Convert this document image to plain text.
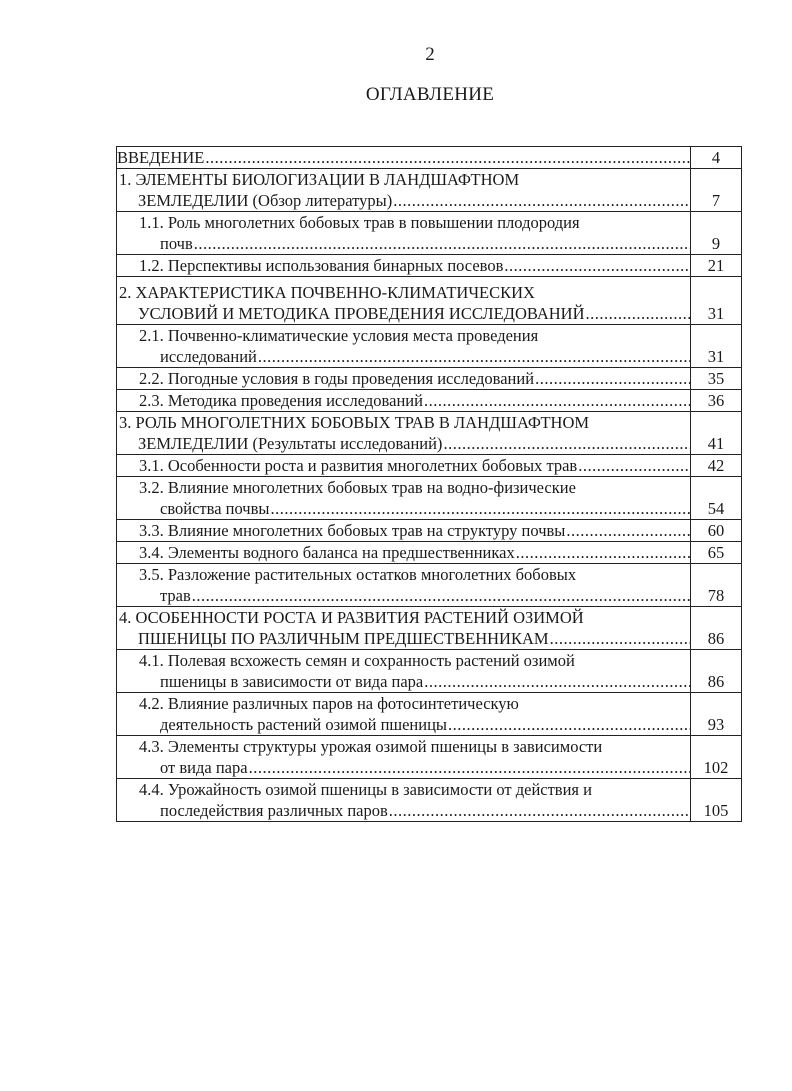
2
ОГЛАВЛЕНИЕ
ВВЕДЕНИЕ
.....	4

1. ЭЛЕМЕНТЫ БИОЛОГИЗАЦИИ В ЛАНДШАФТНОМ
ЗЕМЛЕДЕЛИИ (Обзор литературы)
.....	7

1.1. Роль многолетних бобовых трав в повышении плодородия
почв
.....	9

1.2. Перспективы использования бинарных посевов
.....	21

2. ХАРАКТЕРИСТИКА ПОЧВЕННО-КЛИМАТИЧЕСКИХ
УСЛОВИЙ И МЕТОДИКА ПРОВЕДЕНИЯ ИССЛЕДОВАНИЙ
.....	31

2.1. Почвенно-климатические условия места проведения
исследований
.....	31

2.2. Погодные условия в годы проведения исследований
.....	35

2.3. Методика проведения исследований
.....	36

3. РОЛЬ МНОГОЛЕТНИХ БОБОВЫХ ТРАВ В ЛАНДШАФТНОМ
ЗЕМЛЕДЕЛИИ (Результаты исследований)
.....	41

3.1. Особенности роста и развития многолетних бобовых трав
.....	42

3.2. Влияние многолетних бобовых трав на водно-физические
свойства почвы
.....	54

3.3. Влияние многолетних бобовых трав на структуру почвы
.....	60

3.4. Элементы водного баланса на предшественниках
.....	65

3.5. Разложение растительных остатков многолетних бобовых
трав
.....	78

4. ОСОБЕННОСТИ РОСТА И РАЗВИТИЯ РАСТЕНИЙ ОЗИМОЙ
ПШЕНИЦЫ ПО РАЗЛИЧНЫМ ПРЕДШЕСТВЕННИКАМ
.....	86

4.1. Полевая всхожесть семян и сохранность растений озимой
пшеницы в зависимости от вида пара
.....	86

4.2. Влияние различных паров на фотосинтетическую
деятельность растений озимой пшеницы
.....	93

4.3. Элементы структуры урожая озимой пшеницы в зависимости
от вида пара
.....	102

4.4. Урожайность озимой пшеницы в зависимости от действия и
последействия различных паров
.....	105
